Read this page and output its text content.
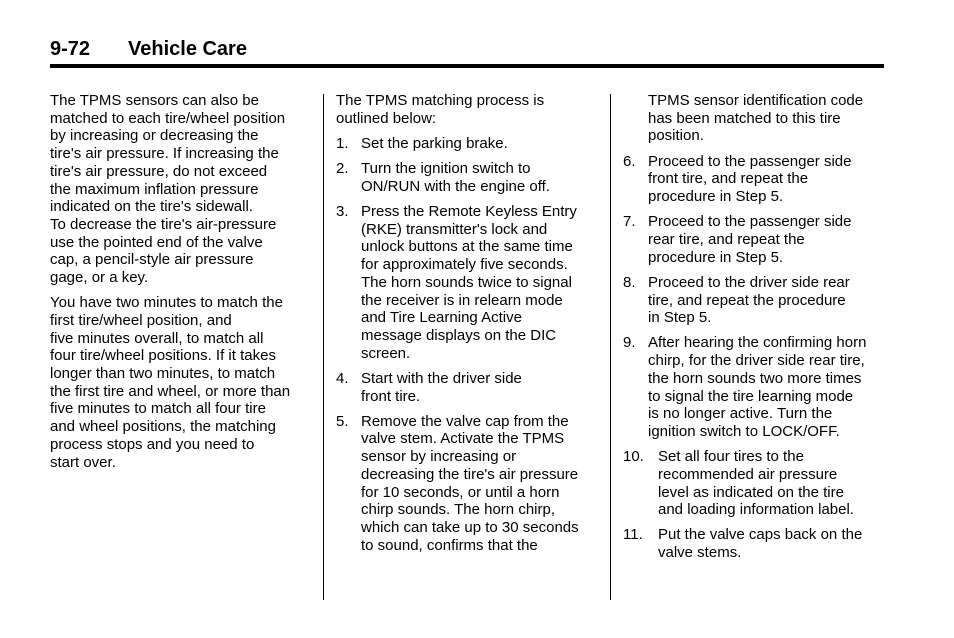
9-72 Vehicle Care

The TPMS sensors can also be
matched to each tire/wheel position
by increasing or decreasing the
tire's air pressure. If increasing the
tire's air pressure, do not exceed
the maximum inflation pressure
indicated on the tire's sidewall.
To decrease the tire's air-pressure
use the pointed end of the valve
cap, a pencil-style air pressure
gage, or a key.

You have two minutes to match the
first tire/wheel position, and
five minutes overall, to match all
four tire/wheel positions. If it takes
longer than two minutes, to match
the first tire and wheel, or more than
five minutes to match all four tire
and wheel positions, the matching
process stops and you need to
start over.

The TPMS matching process is
outlined below:

1. Set the parking brake.
2. Turn the ignition switch to
ON/RUN with the engine off.
3. Press the Remote Keyless Entry
(RKE) transmitter's lock and
unlock buttons at the same time
for approximately five seconds.
The horn sounds twice to signal
the receiver is in relearn mode
and Tire Learning Active
message displays on the DIC
screen.
4. Start with the driver side
front tire.
5. Remove the valve cap from the
valve stem. Activate the TPMS
sensor by increasing or
decreasing the tire's air pressure
for 10 seconds, or until a horn
chirp sounds. The horn chirp,
which can take up to 30 seconds
to sound, confirms that the
TPMS sensor identification code
has been matched to this tire
position.
6. Proceed to the passenger side
front tire, and repeat the
procedure in Step 5.
7. Proceed to the passenger side
rear tire, and repeat the
procedure in Step 5.
8. Proceed to the driver side rear
tire, and repeat the procedure
in Step 5.
9. After hearing the confirming horn
chirp, for the driver side rear tire,
the horn sounds two more times
to signal the tire learning mode
is no longer active. Turn the
ignition switch to LOCK/OFF.
10. Set all four tires to the
recommended air pressure
level as indicated on the tire
and loading information label.
11.	Put the valve caps back on the
valve stems.
